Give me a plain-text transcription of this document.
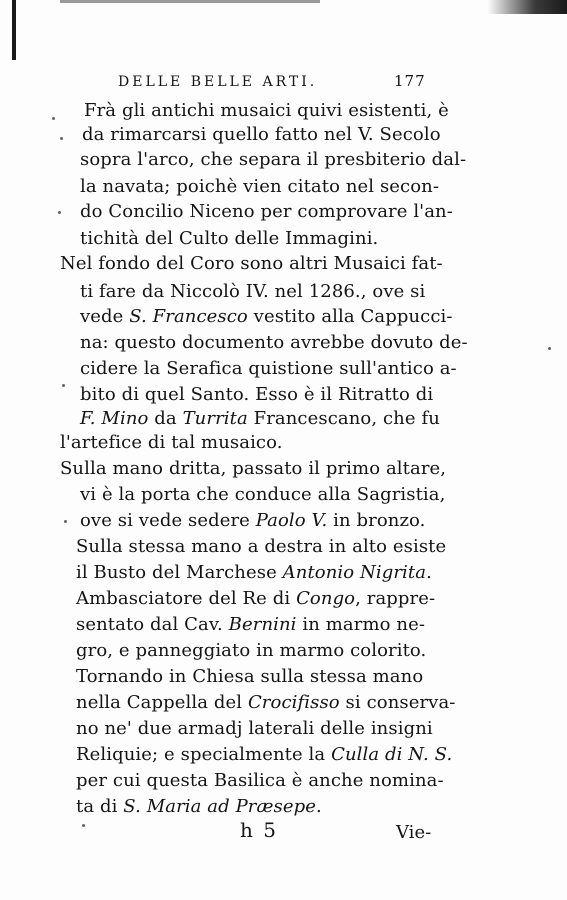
DELLE BELLE ARTI.	177
Frà gli antichi musaici quivi esistenti, è
da rimarcarsi quello fatto nel V. Secolo
sopra l'arco, che separa il presbiterio dal-
la navata; poichè vien citato nel secon-
do Concilio Niceno per comprovare l'an-
tichità del Culto delle Immagini.
Nel fondo del Coro sono altri Musaici fat-
ti fare da Niccolò IV. nel 1286., ove si
vede S. Francesco vestito alla Cappucci-
na: questo documento avrebbe dovuto de-
cidere la Serafica quistione sull'antico a-
bito di quel Santo. Esso è il Ritratto di
F. Mino da Turrita Francescano, che fu
l'artefice di tal musaico.
Sulla mano dritta, passato il primo altare,
vi è la porta che conduce alla Sagristia,
ove si vede sedere Paolo V. in bronzo.
Sulla stessa mano a destra in alto esiste
il Busto del Marchese Antonio Nigrita.
Ambasciatore del Re di Congo, rappre-
sentato dal Cav. Bernini in marmo ne-
gro, e panneggiato in marmo colorito.
Tornando in Chiesa sulla stessa mano
nella Cappella del Crocifisso si conserva-
no ne' due armadj laterali delle insigni
Reliquie; e specialmente la Culla di N. S.
per cui questa Basilica è anche nomina-
ta di S. Maria ad Præsepe.
h 5	Vie-
